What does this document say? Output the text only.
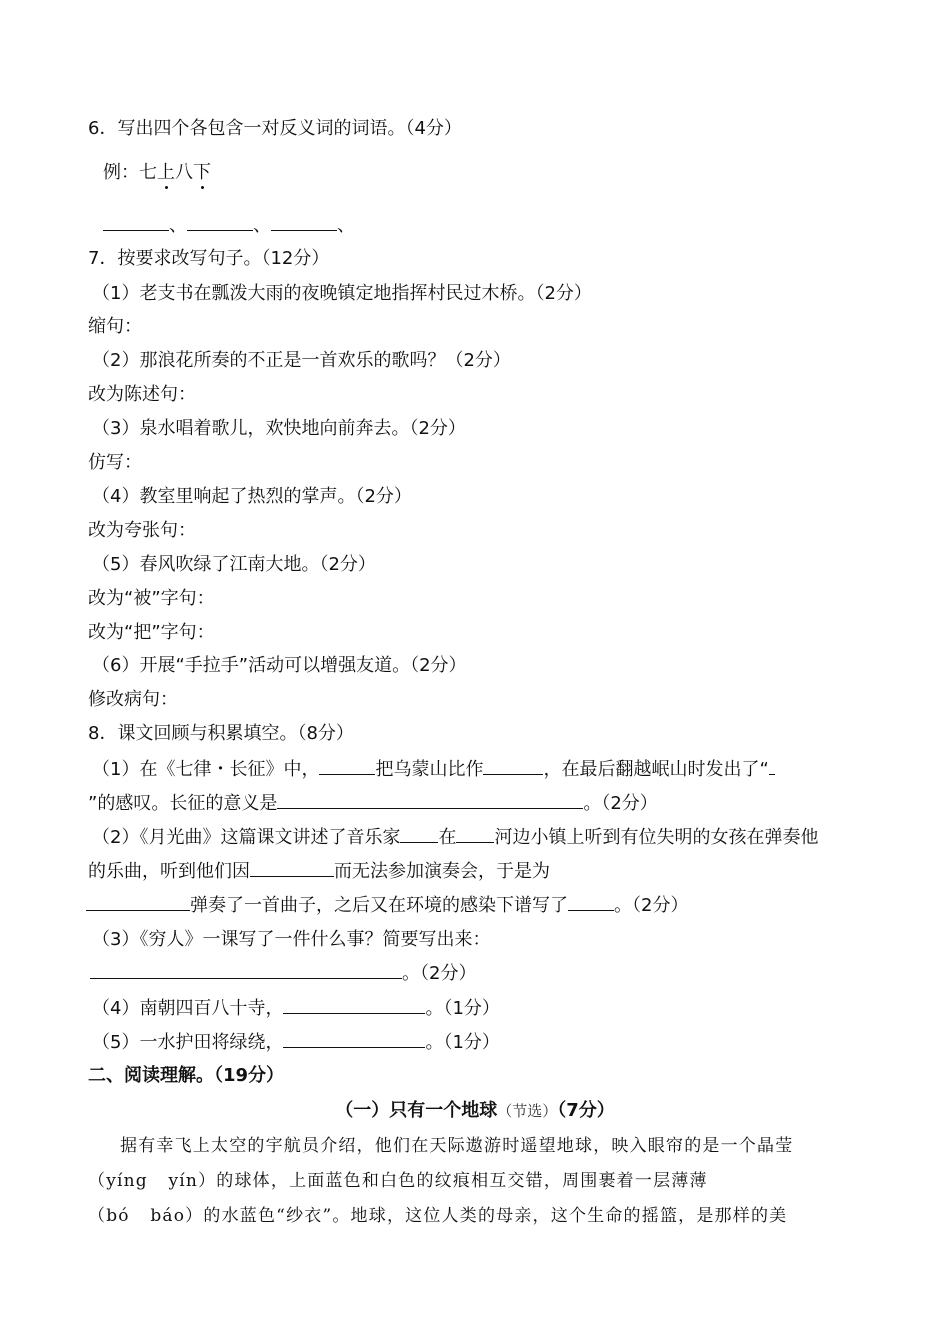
6．写出四个各包含一对反义词的词语。（4分）
例：七上八下
、	、	、
7．按要求改写句子。（12分）
（1）老支书在瓢泼大雨的夜晚镇定地指挥村民过木桥。（2分）
缩句：
（2）那浪花所奏的不正是一首欢乐的歌吗？（2分）
改为陈述句：
（3）泉水唱着歌儿，欢快地向前奔去。（2分）
仿写：
（4）教室里响起了热烈的掌声。（2分）
改为夸张句：
（5）春风吹绿了江南大地。（2分）
改为“被”字句：
改为“把”字句：
（6）开展“手拉手”活动可以增强友道。（2分）
修改病句：
8．课文回顾与积累填空。（8分）
（1）在《七律・长征》中，	把乌蒙山比作	，在最后翻越岷山时发出了“
”的感叹。长征的意义是	。（2分）
（2）《月光曲》这篇课文讲述了音乐家 在 河边小镇上听到有位失明的女孩在弹奏他
的乐曲，听到他们因	而无法参加演奏会，于是为
弹奏了一首曲子，之后又在环境的感染下谱写了	。（2分）
（3）《穷人》一课写了一件什么事？简要写出来：
。（2分）
（4）南朝四百八十寺，	。（1分）
（5）一水护田将绿绕，	。（1分）
二、阅读理解。（19分）
（一）只有一个地球（节选）（7分）
据有幸飞上太空的宇航员介绍，他们在天际遨游时遥望地球，映入眼帘的是一个晶莹
（yíng yín）的球体，上面蓝色和白色的纹痕相互交错，周围裹着一层薄薄
（bó báo）的水蓝色“纱衣”。地球，这位人类的母亲，这个生命的摇篮，是那样的美
